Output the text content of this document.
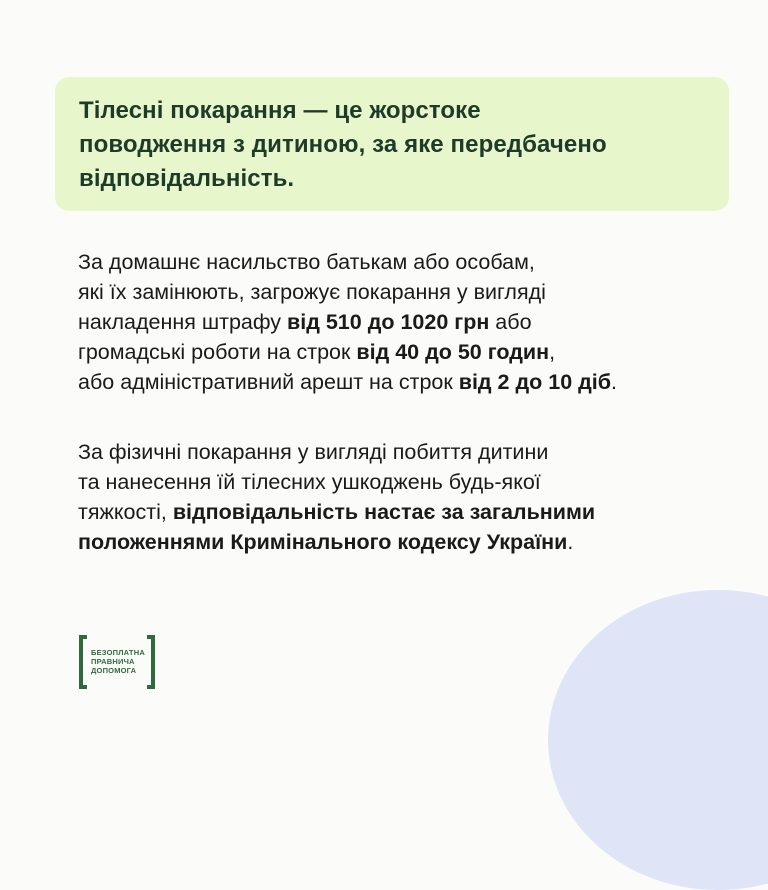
Тілесні покарання — це жорстоке
поводження з дитиною, за яке передбачено
відповідальність.

За домашнє насильство батькам або особам,
які їх замінюють, загрожує покарання у вигляді
накладення штрафу від 510 до 1020 грн або
громадські роботи на строк від 40 до 50 годин,
або адміністративний арешт на строк від 2 до 10 діб.

За фізичні покарання у вигляді побиття дитини
та нанесення їй тілесних ушкоджень будь-якої
тяжкості, відповідальність настає за загальними
положеннями Кримінального кодексу України.

БЕЗОПЛАТНА
ПРАВНИЧА
ДОПОМОГА
